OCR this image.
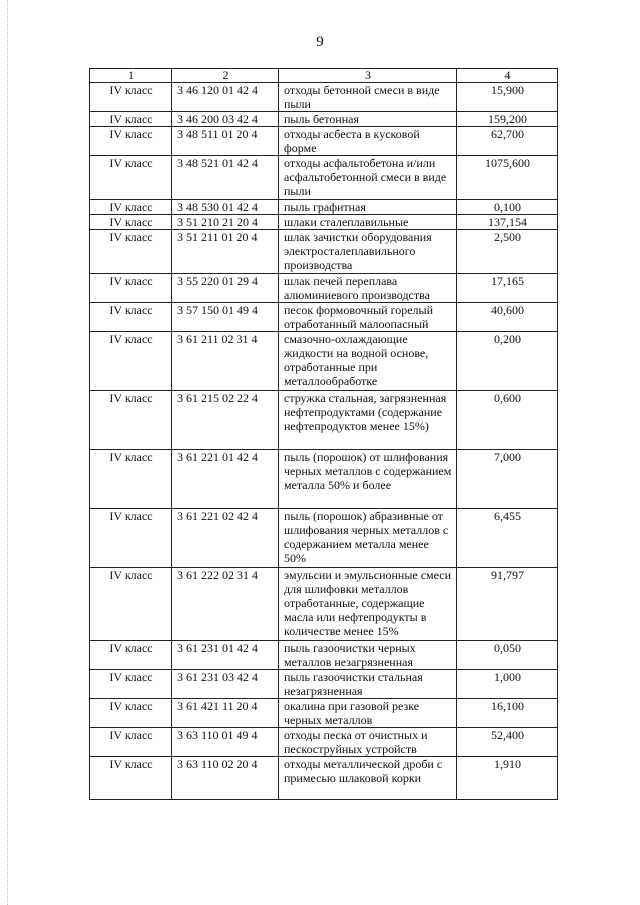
9
1	2	3	4
IV класс	3 46 120 01 42 4	отходы бетонной смеси в виде пыли	15,900
IV класс	3 46 200 03 42 4	пыль бетонная	159,200
IV класс	3 48 511 01 20 4	отходы асбеста в кусковой форме	62,700
IV класс	3 48 521 01 42 4	отходы асфальтобетона и/или асфальтобетонной смеси в виде пыли	1075,600
IV класс	3 48 530 01 42 4	пыль графитная	0,100
IV класс	3 51 210 21 20 4	шлаки сталеплавильные	137,154
IV класс	3 51 211 01 20 4	шлак зачистки оборудования электросталеплавильного производства	2,500
IV класс	3 55 220 01 29 4	шлак печей переплава алюминиевого производства	17,165
IV класс	3 57 150 01 49 4	песок формовочный горелый отработанный малоопасный	40,600
IV класс	3 61 211 02 31 4	смазочно-охлаждающие жидкости на водной основе, отработанные при металлообработке	0,200
IV класс	3 61 215 02 22 4	стружка стальная, загрязненная нефтепродуктами (содержание нефтепродуктов менее 15%)	0,600
IV класс	3 61 221 01 42 4	пыль (порошок) от шлифования черных металлов с содержанием металла 50% и более	7,000
IV класс	3 61 221 02 42 4	пыль (порошок) абразивные от шлифования черных металлов с содержанием металла менее 50%	6,455
IV класс	3 61 222 02 31 4	эмульсии и эмульсионные смеси для шлифовки металлов отработанные, содержащие масла или нефтепродукты в количестве менее 15%	91,797
IV класс	3 61 231 01 42 4	пыль газоочистки черных металлов незагрязненная	0,050
IV класс	3 61 231 03 42 4	пыль газоочистки стальная незагрязненная	1,000
IV класс	3 61 421 11 20 4	окалина при газовой резке черных металлов	16,100
IV класс	3 63 110 01 49 4	отходы песка от очистных и пескоструйных устройств	52,400
IV класс	3 63 110 02 20 4	отходы металлической дроби с примесью шлаковой корки	1,910
